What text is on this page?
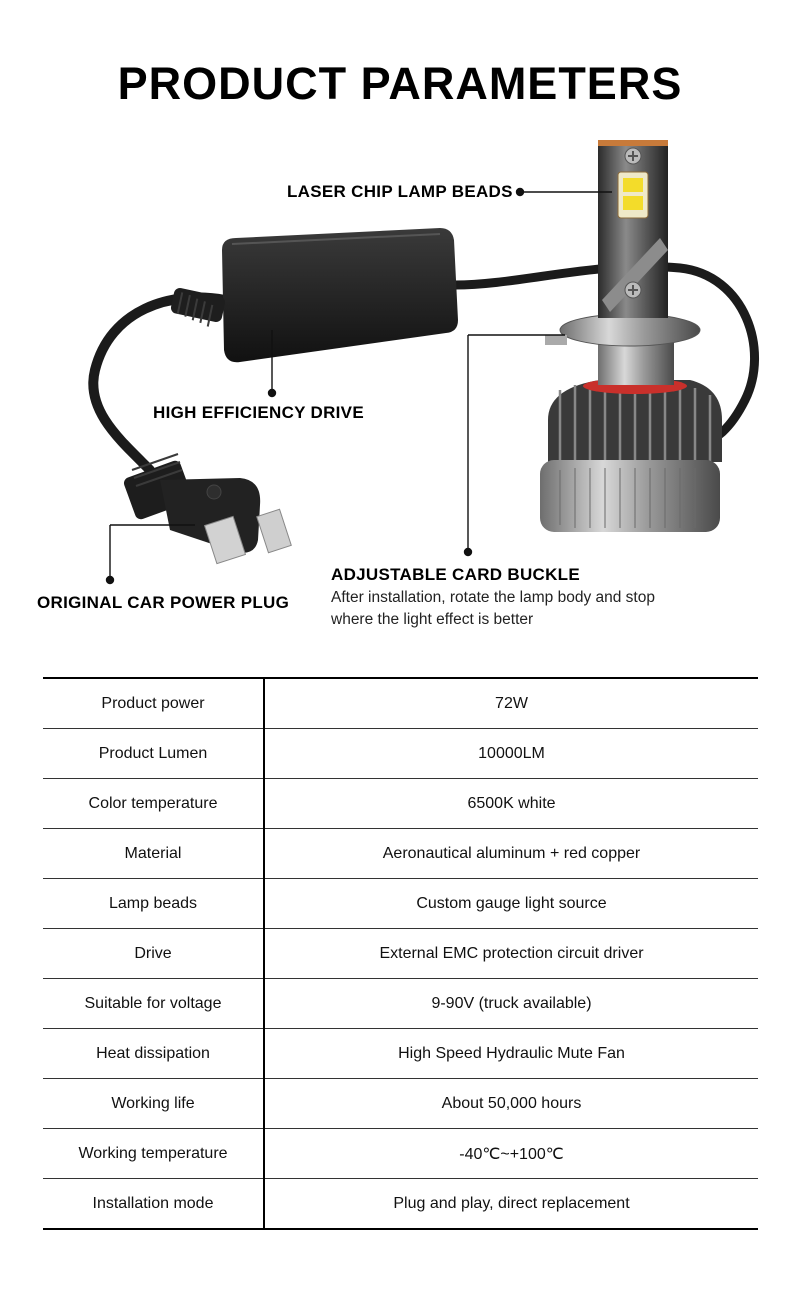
PRODUCT PARAMETERS
LASER CHIP LAMP BEADS
HIGH EFFICIENCY DRIVE
ORIGINAL CAR POWER PLUG
ADJUSTABLE CARD BUCKLE
After installation, rotate the lamp body and stop
where the light effect is better
Product power	72W
Product Lumen	10000LM
Color temperature	6500K white
Material	Aeronautical aluminum + red copper
Lamp beads	Custom gauge light source
Drive	External EMC protection circuit driver
Suitable for voltage	9-90V (truck available)
Heat dissipation	High Speed Hydraulic Mute Fan
Working life	About 50,000 hours
Working temperature	-40℃~+100℃
Installation mode	Plug and play, direct replacement
